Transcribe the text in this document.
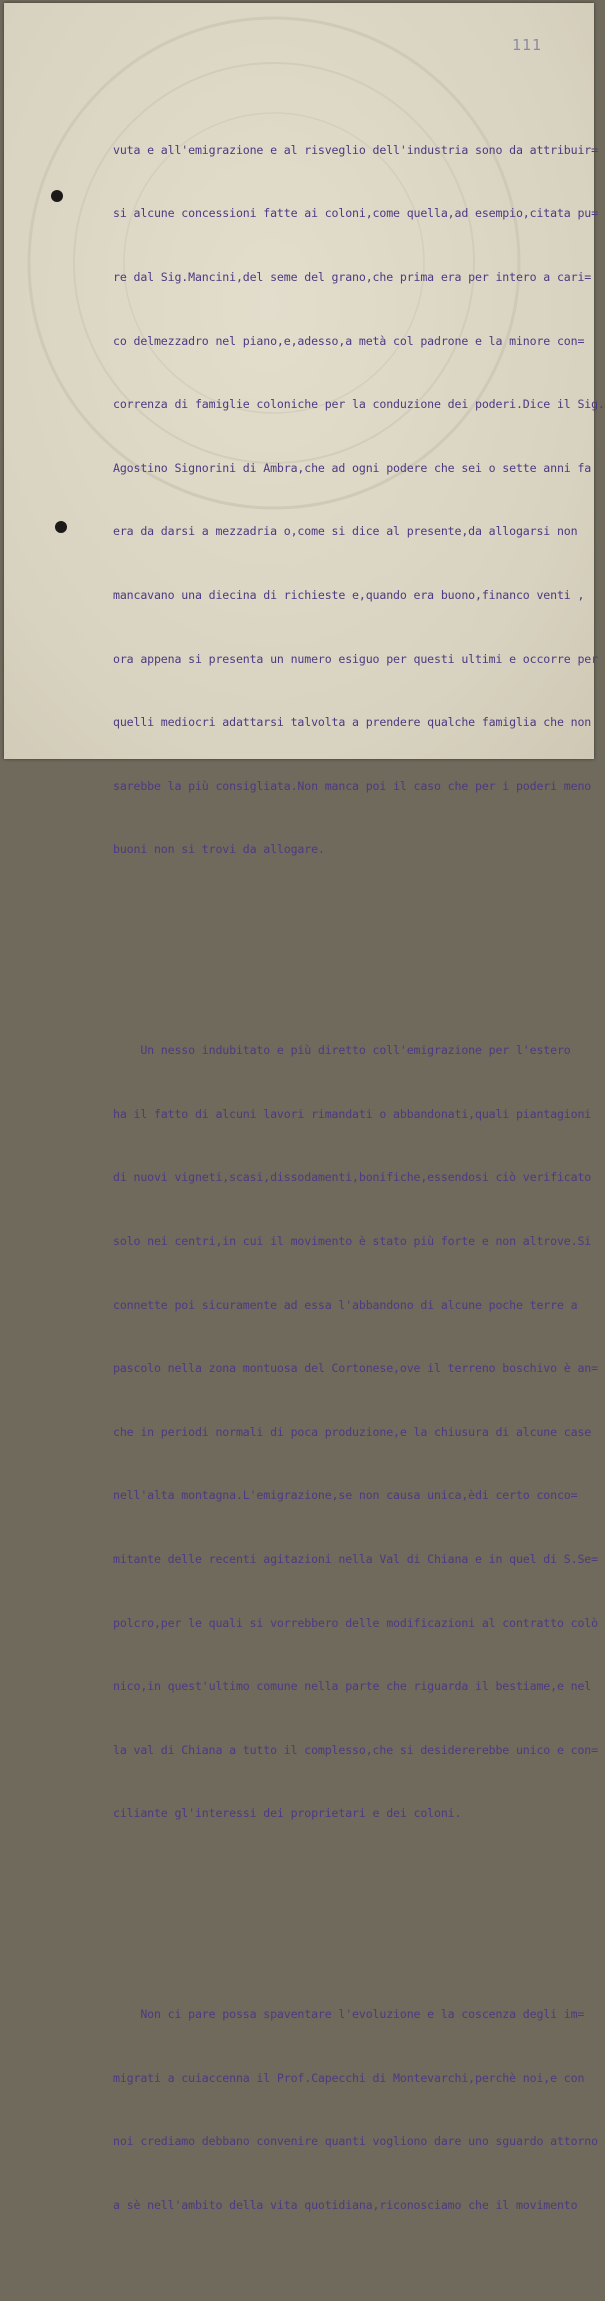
111

vuta e all'emigrazione e al risveglio dell'industria sono da attribuir=

si alcune concessioni fatte ai coloni,come quella,ad esempio,citata pu=

re dal Sig.Mancini,del seme del grano,che prima era per intero a cari=

co delmezzadro nel piano,e,adesso,a metà col padrone e la minore con=

correnza di famiglie coloniche per la conduzione dei poderi.Dice il Sig.

Agostino Signorini di Ambra,che ad ogni podere che sei o sette anni fa

era da darsi a mezzadria o,come si dice al presente,da allogarsi non

mancavano una diecina di richieste e,quando era buono,financo venti ,

ora appena si presenta un numero esiguo per questi ultimi e occorre per

quelli mediocri adattarsi talvolta a prendere qualche famiglia che non

sarebbe la più consigliata.Non manca poi il caso che per i poderi meno

buoni non si trovi da allogare.

Un nesso indubitato e più diretto coll'emigrazione per l'estero

ha il fatto di alcuni lavori rimandati o abbandonati,quali piantagioni

di nuovi vigneti,scasi,dissodamenti,bonifiche,essendosi ciò verificato

solo nei centri,in cui il movimento è stato più forte e non altrove.Si

connette poi sicuramente ad essa l'abbandono di alcune poche terre a

pascolo nella zona montuosa del Cortonese,ove il terreno boschivo è an=

che in periodi normali di poca produzione,e la chiusura di alcune case

nell'alta montagna.L'emigrazione,se non causa unica,èdi certo conco=

mitante delle recenti agitazioni nella Val di Chiana e in quel di S.Se=

polcro,per le quali si vorrebbero delle modificazioni al contratto colò

nico,in quest'ultimo comune nella parte che riguarda il bestiame,e nel

la val di Chiana a tutto il complesso,che si desidererebbe unico e con=

ciliante gl'interessi dei proprietari e dei coloni.

Non ci pare possa spaventare l'evoluzione e la coscenza degli im=

migrati a cuiaccenna il Prof.Capecchi di Montevarchi,perchè noi,e con

noi crediamo debbano convenire quanti vogliono dare uno sguardo attorno

a sè nell'ambito della vita quotidiana,riconosciamo che il movimento
